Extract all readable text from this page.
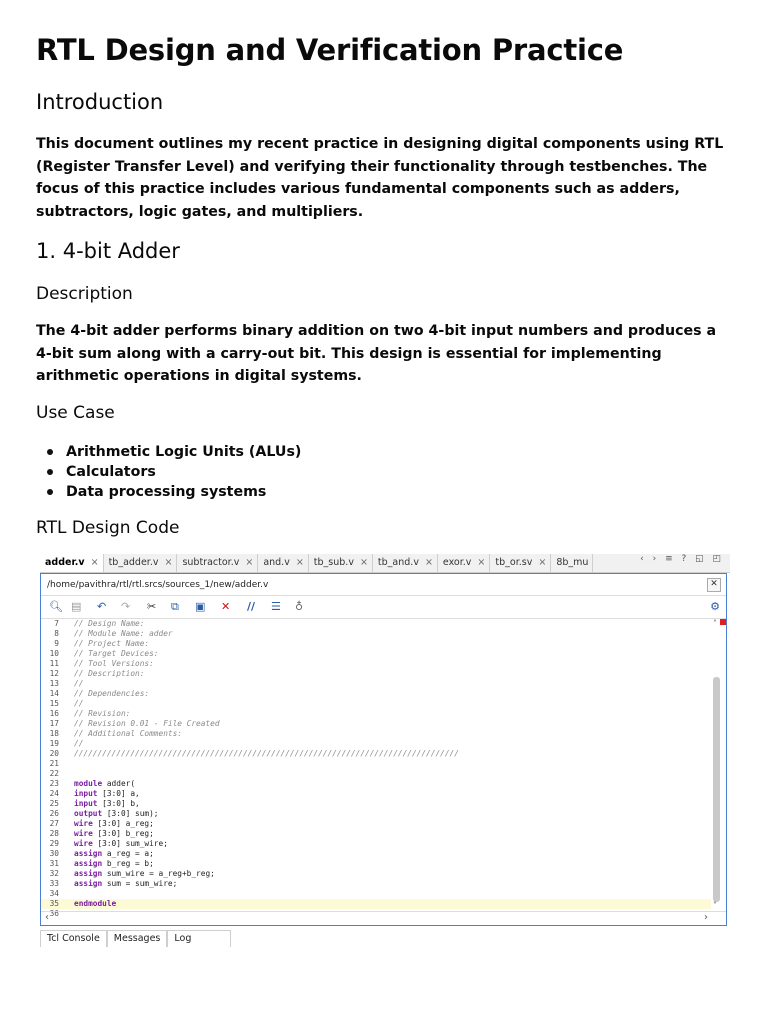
RTL Design and Verification Practice
Introduction
This document outlines my recent practice in designing digital components using RTL (Register Transfer Level) and verifying their functionality through testbenches. The focus of this practice includes various fundamental components such as adders, subtractors, logic gates, and multipliers.
1. 4-bit Adder
Description
The 4-bit adder performs binary addition on two 4-bit input numbers and produces a 4-bit sum along with a carry-out bit. This design is essential for implementing arithmetic operations in digital systems.
Use Case
Arithmetic Logic Units (ALUs)
Calculators
Data processing systems
RTL Design Code
adder.v × tb_adder.v × subtractor.v × and.v × tb_sub.v × tb_and.v × exor.v × tb_or.sv × 8b_mu	‹ › ≡ ? ◱ ◰
/home/pavithra/rtl/rtl.srcs/sources_1/new/adder.v	✕
🔍︎ ▤ ↶ ↷ ✂ ⧉ ▣ ✕ // ☰ ♁	⚙
7	// Design Name:
8	// Module Name: adder
9	// Project Name:
10	// Target Devices:
11	// Tool Versions:
12	// Description:
13	//
14	// Dependencies:
15	//
16	// Revision:
17	// Revision 0.01 - File Created
18	// Additional Comments:
19	//
20	//////////////////////////////////////////////////////////////////////////////////
21
22
23	module adder(
24	input [3:0] a,
25	input [3:0] b,
26	output [3:0] sum);
27	wire [3:0] a_reg;
28	wire [3:0] b_reg;
29	wire [3:0] sum_wire;
30	assign a_reg = a;
31	assign b_reg = b;
32	assign sum_wire = a_reg+b_reg;
33	assign sum = sum_wire;
34
35	endmodule
36
˄
˅
‹	›
Tcl Console	Messages	Log
